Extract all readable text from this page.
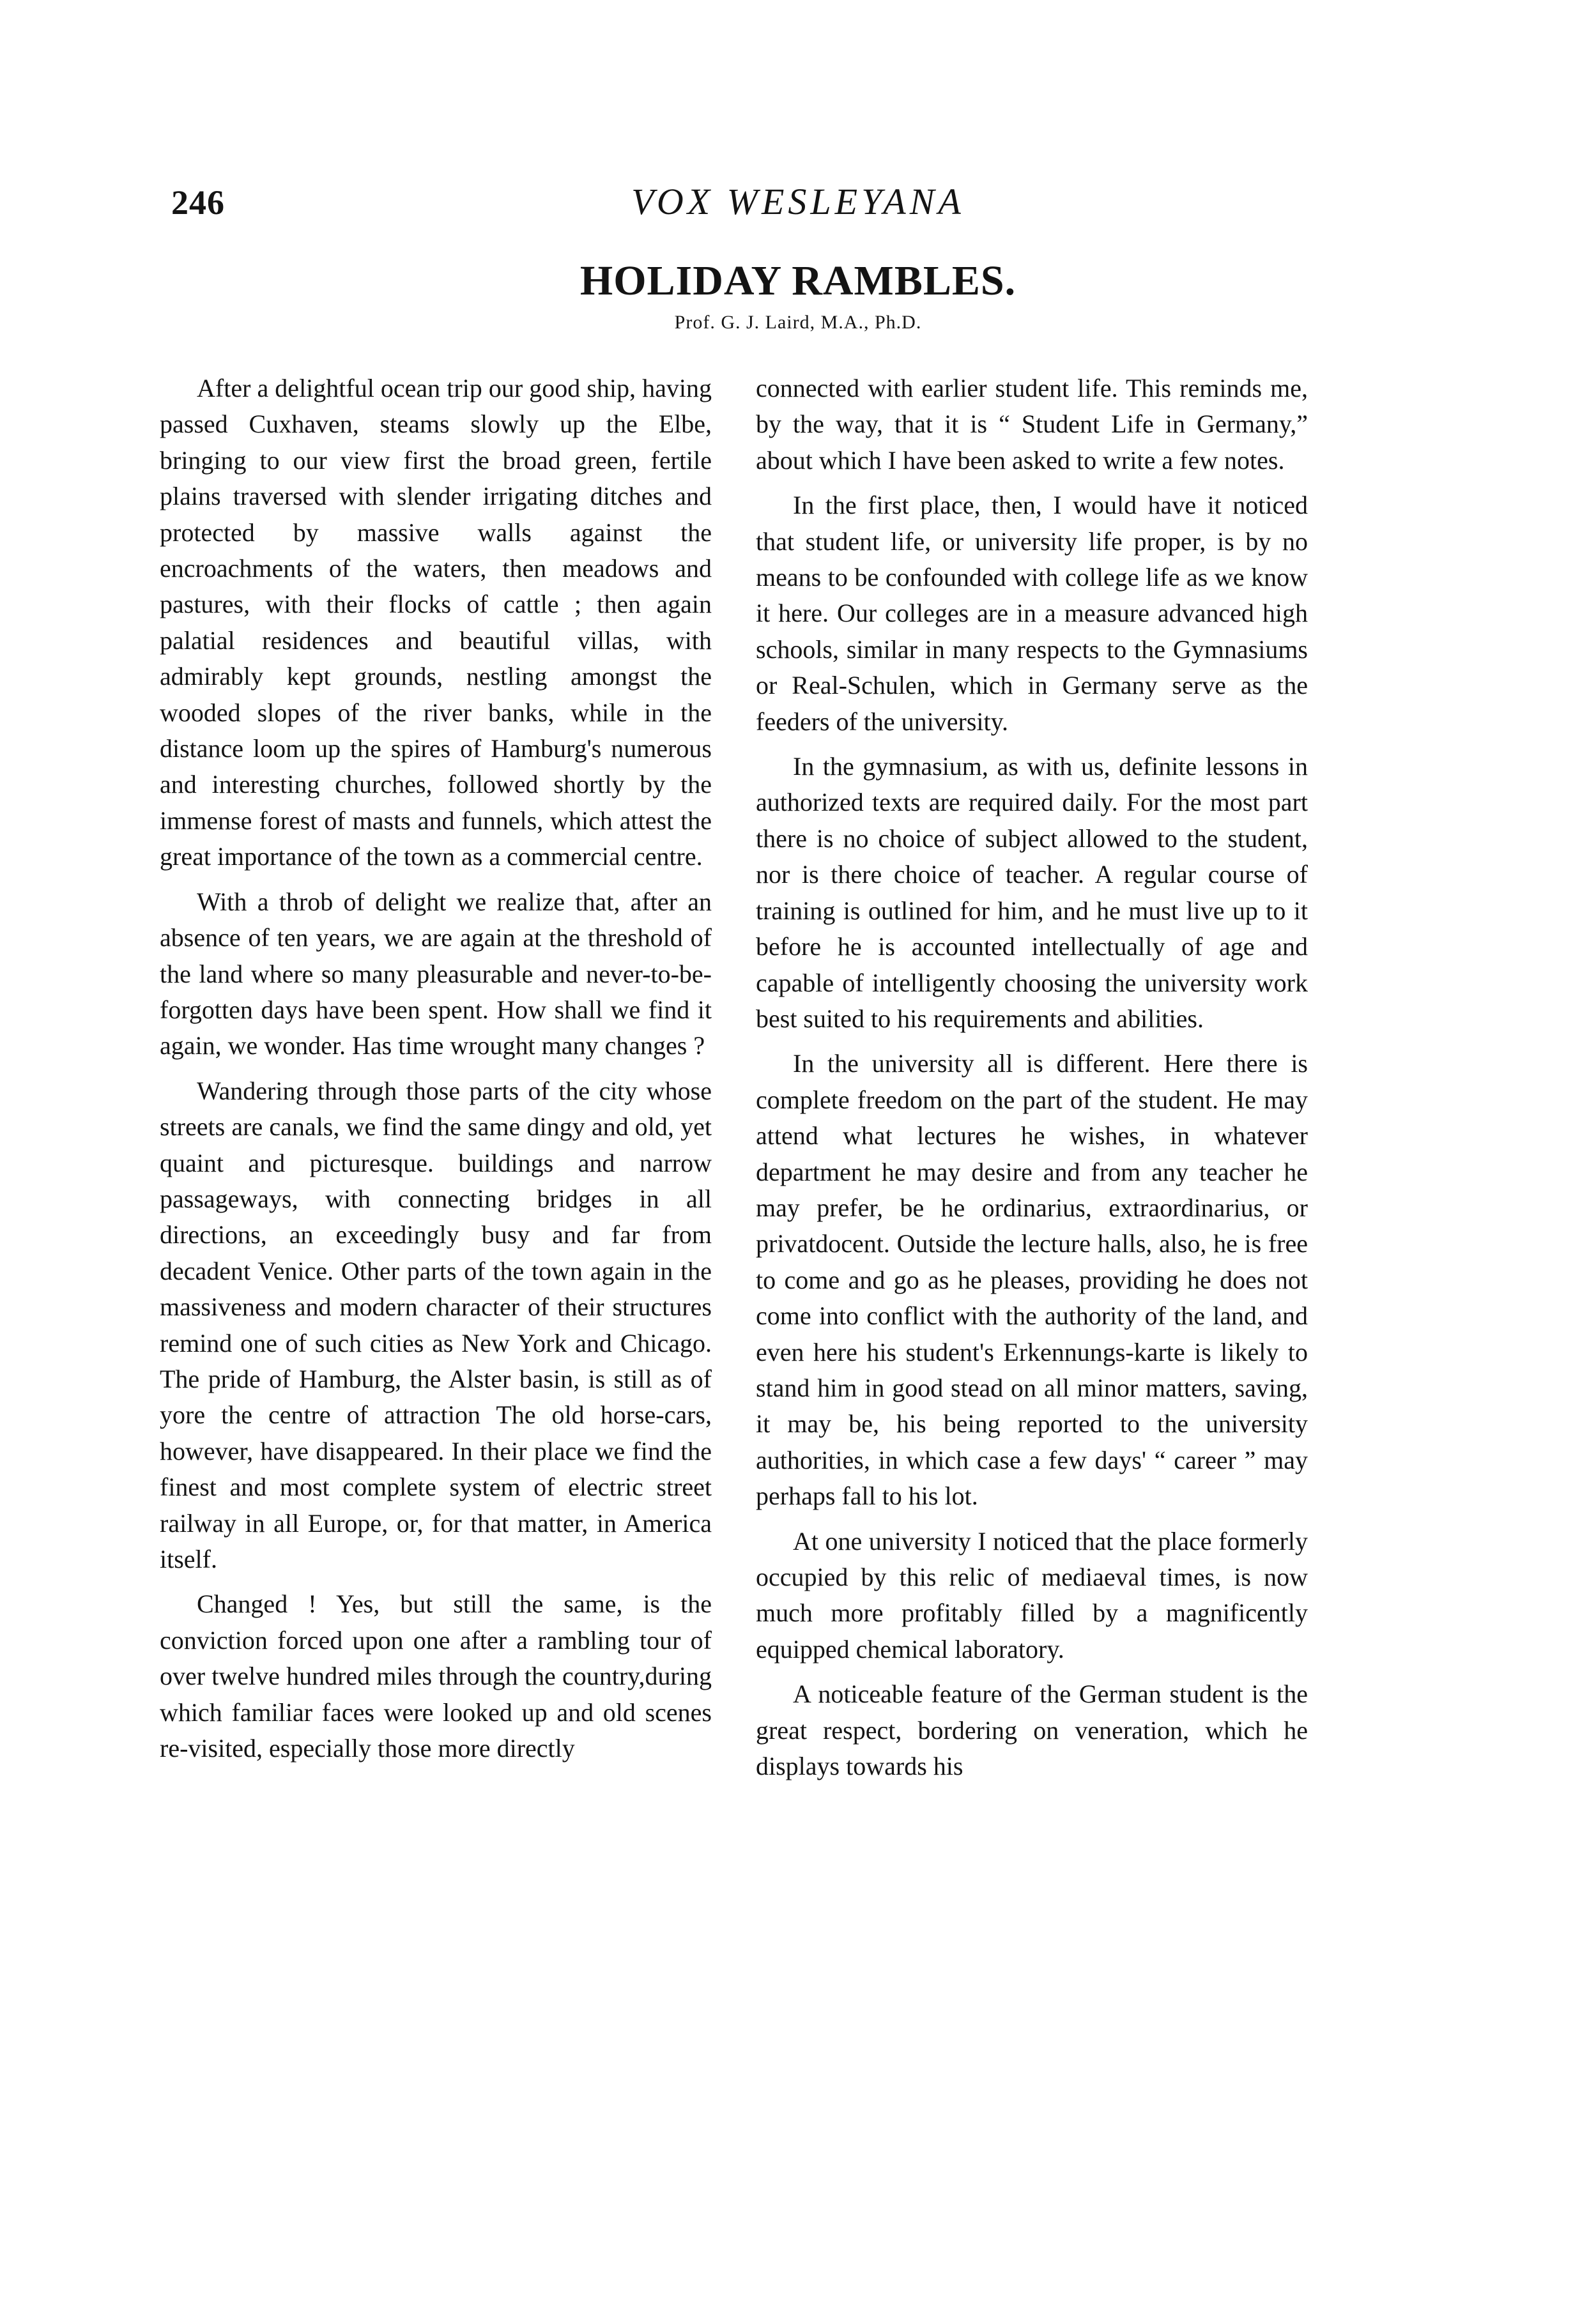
246	VOX WESLEYANA
HOLIDAY RAMBLES.
Prof. G. J. Laird, M.A., Ph.D.

After a delightful ocean trip our good ship, having passed Cuxhaven, steams slowly up the Elbe, bringing to our view first the broad green, fertile plains traversed with slender irrigating ditches and protected by massive walls against the encroachments of the waters, then meadows and pastures, with their flocks of cattle ; then again palatial residences and beautiful villas, with admirably kept grounds, nestling amongst the wooded slopes of the river banks, while in the distance loom up the spires of Hamburg's numerous and interesting churches, followed shortly by the immense forest of masts and funnels, which attest the great importance of the town as a commercial centre.

With a throb of delight we realize that, after an absence of ten years, we are again at the threshold of the land where so many pleasurable and never-to-be-forgotten days have been spent. How shall we find it again, we wonder. Has time wrought many changes ?

Wandering through those parts of the city whose streets are canals, we find the same dingy and old, yet quaint and picturesque. buildings and narrow passageways, with connecting bridges in all directions, an exceedingly busy and far from decadent Venice. Other parts of the town again in the massiveness and modern character of their structures remind one of such cities as New York and Chicago. The pride of Hamburg, the Alster basin, is still as of yore the centre of attraction The old horse-cars, however, have disappeared. In their place we find the finest and most complete system of electric street railway in all Europe, or, for that matter, in America itself.

Changed ! Yes, but still the same, is the conviction forced upon one after a rambling tour of over twelve hundred miles through the country,during which familiar faces were looked up and old scenes re-visited, especially those more directly

connected with earlier student life. This reminds me, by the way, that it is “ Student Life in Germany,” about which I have been asked to write a few notes.

In the first place, then, I would have it noticed that student life, or university life proper, is by no means to be confounded with college life as we know it here. Our colleges are in a measure advanced high schools, similar in many respects to the Gymnasiums or Real-Schulen, which in Germany serve as the feeders of the university.

In the gymnasium, as with us, definite lessons in authorized texts are required daily. For the most part there is no choice of subject allowed to the student, nor is there choice of teacher. A regular course of training is outlined for him, and he must live up to it before he is accounted intellectually of age and capable of intelligently choosing the university work best suited to his requirements and abilities.

In the university all is different. Here there is complete freedom on the part of the student. He may attend what lectures he wishes, in whatever department he may desire and from any teacher he may prefer, be he ordinarius, extraordinarius, or privatdocent. Outside the lecture halls, also, he is free to come and go as he pleases, providing he does not come into conflict with the authority of the land, and even here his student's Erkennungs-karte is likely to stand him in good stead on all minor matters, saving, it may be, his being reported to the university authorities, in which case a few days' “ career ” may perhaps fall to his lot.

At one university I noticed that the place formerly occupied by this relic of mediaeval times, is now much more profitably filled by a magnificently equipped chemical laboratory.

A noticeable feature of the German student is the great respect, bordering on veneration, which he displays towards his
